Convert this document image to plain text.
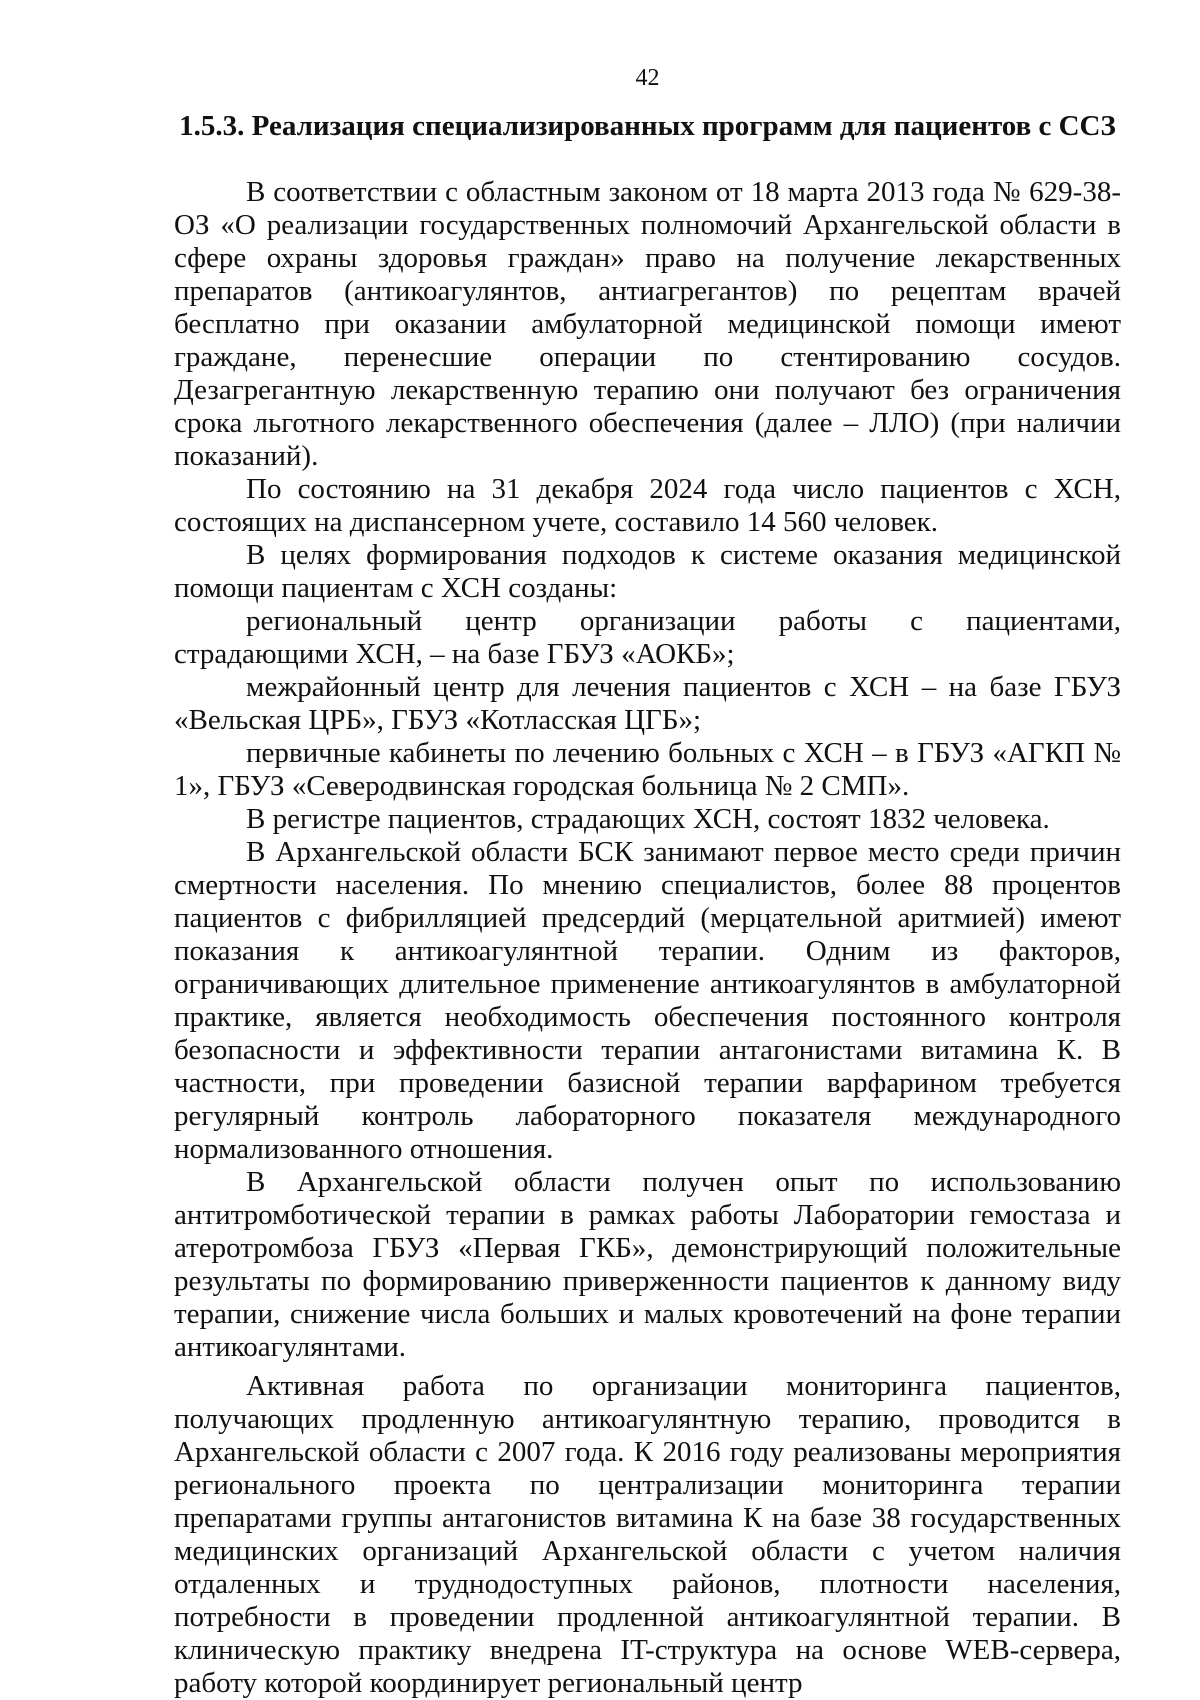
42
1.5.3. Реализация специализированных программ для пациентов с ССЗ

В соответствии с областным законом от 18 марта 2013 года № 629-38-ОЗ «О реализации государственных полномочий Архангельской области в сфере охраны здоровья граждан» право на получение лекарственных препаратов (антикоагулянтов, антиагрегантов) по рецептам врачей бесплатно при оказании амбулаторной медицинской помощи имеют граждане, перенесшие операции по стентированию сосудов. Дезагрегантную лекарственную терапию они получают без ограничения срока льготного лекарственного обеспечения (далее – ЛЛО) (при наличии показаний).

По состоянию на 31 декабря 2024 года число пациентов с ХСН, состоящих на диспансерном учете, составило 14 560 человек.

В целях формирования подходов к системе оказания медицинской помощи пациентам с ХСН созданы:

региональный центр организации работы с пациентами, страдающими ХСН, – на базе ГБУЗ «АОКБ»;

межрайонный центр для лечения пациентов с ХСН – на базе ГБУЗ «Вельская ЦРБ», ГБУЗ «Котласская ЦГБ»;

первичные кабинеты по лечению больных с ХСН – в ГБУЗ «АГКП № 1», ГБУЗ «Северодвинская городская больница № 2 СМП».

В регистре пациентов, страдающих ХСН, состоят 1832 человека.

В Архангельской области БСК занимают первое место среди причин смертности населения. По мнению специалистов, более 88 процентов пациентов с фибрилляцией предсердий (мерцательной аритмией) имеют показания к антикоагулянтной терапии. Одним из факторов, ограничивающих длительное применение антикоагулянтов в амбулаторной практике, является необходимость обеспечения постоянного контроля безопасности и эффективности терапии антагонистами витамина К. В частности, при проведении базисной терапии варфарином требуется регулярный контроль лабораторного показателя международного нормализованного отношения.

В Архангельской области получен опыт по использованию антитромботической терапии в рамках работы Лаборатории гемостаза и атеротромбоза ГБУЗ «Первая ГКБ», демонстрирующий положительные результаты по формированию приверженности пациентов к данному виду терапии, снижение числа больших и малых кровотечений на фоне терапии антикоагулянтами.

Активная работа по организации мониторинга пациентов, получающих продленную антикоагулянтную терапию, проводится в Архангельской области с 2007 года. К 2016 году реализованы мероприятия регионального проекта по централизации мониторинга терапии препаратами группы антагонистов витамина К на базе 38 государственных медицинских организаций Архангельской области с учетом наличия отдаленных и труднодоступных районов, плотности населения, потребности в проведении продленной антикоагулянтной терапии. В клиническую практику внедрена IT-структура на основе WEB-сервера, работу которой координирует региональный центр
